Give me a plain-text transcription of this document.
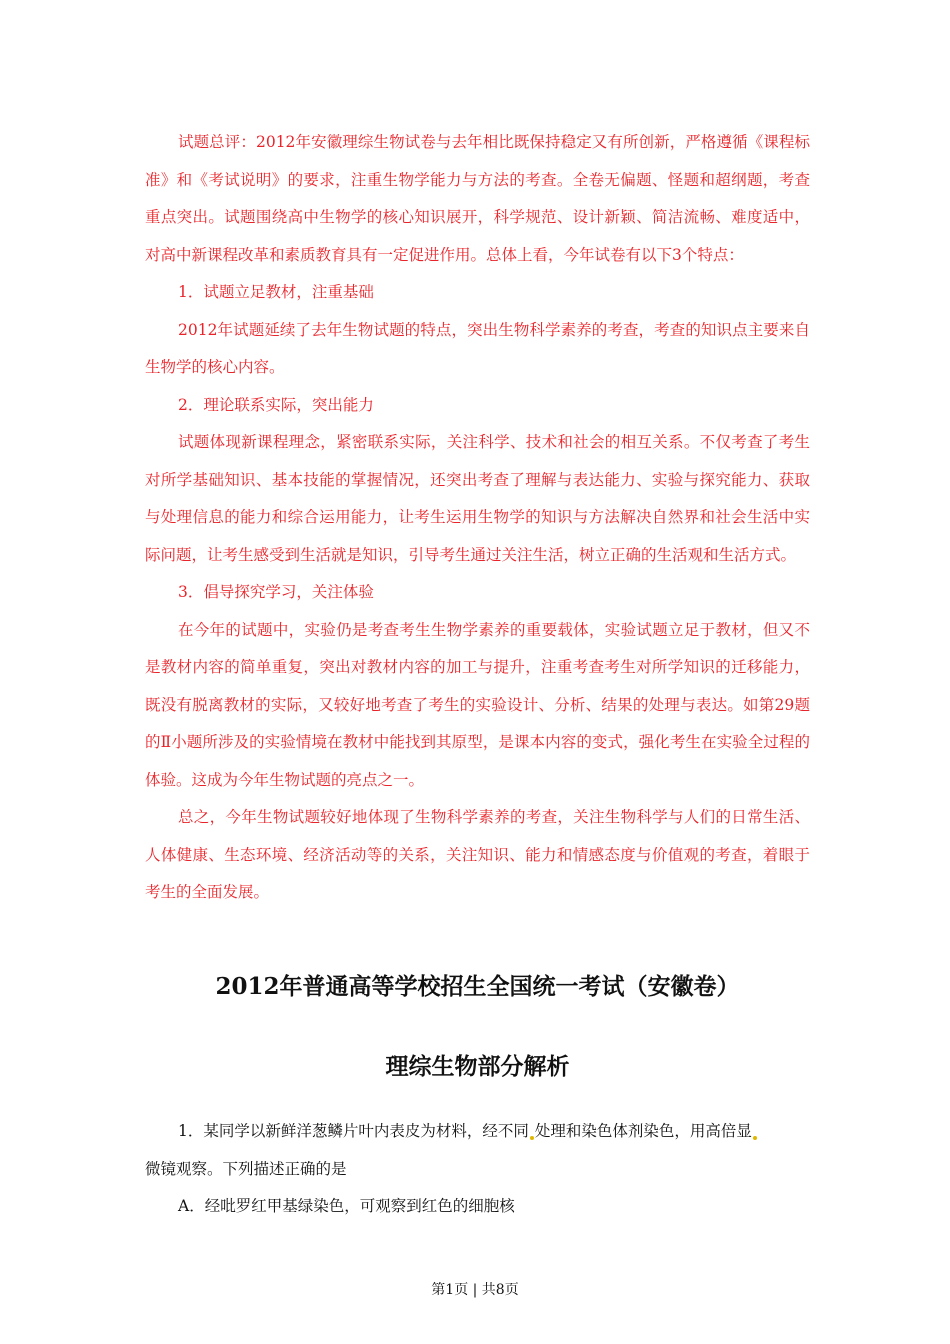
试题总评：2012年安徽理综生物试卷与去年相比既保持稳定又有所创新，严格遵循《课程标准》和《考试说明》的要求，注重生物学能力与方法的考查。全卷无偏题、怪题和超纲题，考查重点突出。试题围绕高中生物学的核心知识展开，科学规范、设计新颖、简洁流畅、难度适中，对高中新课程改革和素质教育具有一定促进作用。总体上看，今年试卷有以下3个特点：

1．试题立足教材，注重基础

2012年试题延续了去年生物试题的特点，突出生物科学素养的考查，考查的知识点主要来自生物学的核心内容。

2．理论联系实际，突出能力

试题体现新课程理念，紧密联系实际，关注科学、技术和社会的相互关系。不仅考查了考生对所学基础知识、基本技能的掌握情况，还突出考查了理解与表达能力、实验与探究能力、获取与处理信息的能力和综合运用能力，让考生运用生物学的知识与方法解决自然界和社会生活中实际问题，让考生感受到生活就是知识，引导考生通过关注生活，树立正确的生活观和生活方式。

3．倡导探究学习，关注体验

在今年的试题中，实验仍是考查考生生物学素养的重要载体，实验试题立足于教材，但又不是教材内容的简单重复，突出对教材内容的加工与提升，注重考查考生对所学知识的迁移能力，既没有脱离教材的实际，又较好地考查了考生的实验设计、分析、结果的处理与表达。如第29题的Ⅱ小题所涉及的实验情境在教材中能找到其原型，是课本内容的变式，强化考生在实验全过程的体验。这成为今年生物试题的亮点之一。

总之，今年生物试题较好地体现了生物科学素养的考查，关注生物科学与人们的日常生活、人体健康、生态环境、经济活动等的关系，关注知识、能力和情感态度与价值观的考查，着眼于考生的全面发展。

2012年普通高等学校招生全国统一考试（安徽卷）
理综生物部分解析

1．某同学以新鲜洋葱鳞片叶内表皮为材料，经不同 处理和染色体剂染色，用高倍显

微镜观察。下列描述正确的是

A．经吡罗红甲基绿染色，可观察到红色的细胞核

第1页 | 共8页
